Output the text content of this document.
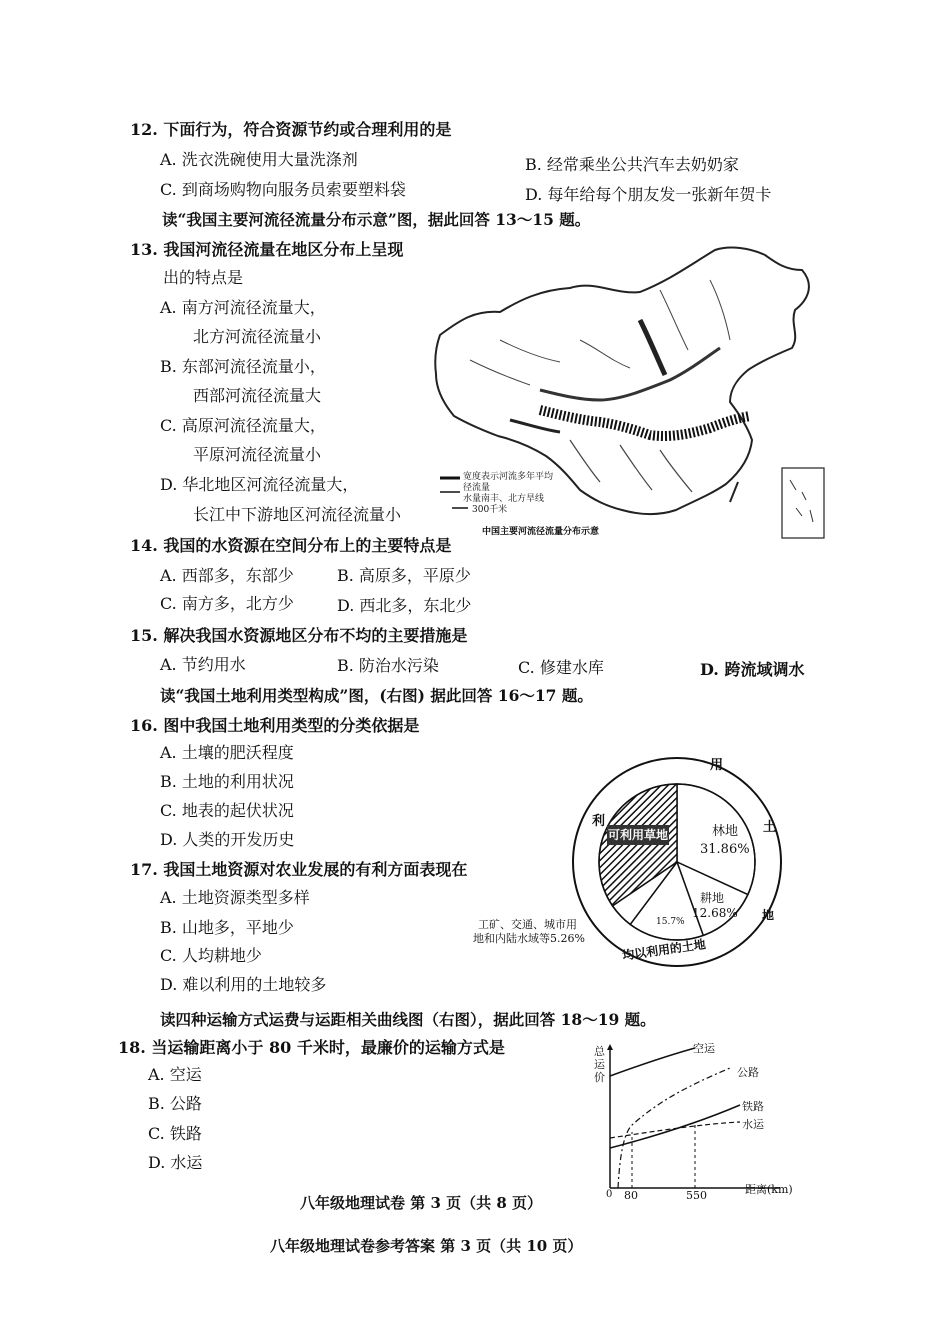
12. 下面行为，符合资源节约或合理利用的是
A. 洗衣洗碗使用大量洗涤剂	B. 经常乘坐公共汽车去奶奶家
C. 到商场购物向服务员索要塑料袋	D. 每年给每个朋友发一张新年贺卡
读“我国主要河流径流量分布示意”图，据此回答 13～15 题。
13. 我国河流径流量在地区分布上呈现
出的特点是
A. 南方河流径流量大，
北方河流径流量小
B. 东部河流径流量小，
西部河流径流量大
C. 高原河流径流量大，
平原河流径流量小
D. 华北地区河流径流量大，
长江中下游地区河流径流量小
宽度表示河流多年平均
径流量
水量南丰、北方旱线
300千米
中国主要河流径流量分布示意
14. 我国的水资源在空间分布上的主要特点是
A. 西部多，东部少	B. 高原多，平原少
C. 南方多，北方少	D. 西北多，东北少
15. 解决我国水资源地区分布不均的主要措施是
A. 节约用水	B. 防治水污染	C. 修建水库	D. 跨流域调水
读“我国土地利用类型构成”图，(右图) 据此回答 16～17 题。
16. 图中我国土地利用类型的分类依据是
A. 土壤的肥沃程度
B. 土地的利用状况
C. 地表的起伏状况
D. 人类的开发历史
用
利	土
地
林地
31.86%
可利用草地
耕地
12.68%
15.7%
工矿、交通、城市用
地和内陆水域等5.26%	均以利用的土地
17. 我国土地资源对农业发展的有利方面表现在
A. 土地资源类型多样
B. 山地多，平地少
C. 人均耕地少
D. 难以利用的土地较多
读四种运输方式运费与运距相关曲线图（右图），据此回答 18～19 题。
18. 当运输距离小于 80 千米时，最廉价的运输方式是
A. 空运
B. 公路
C. 铁路
D. 水运
总
运
价
空运
公路
铁路
水运
0 80	550	距离(km)
八年级地理试卷 第 3 页（共 8 页）
八年级地理试卷参考答案 第 3 页（共 10 页）
